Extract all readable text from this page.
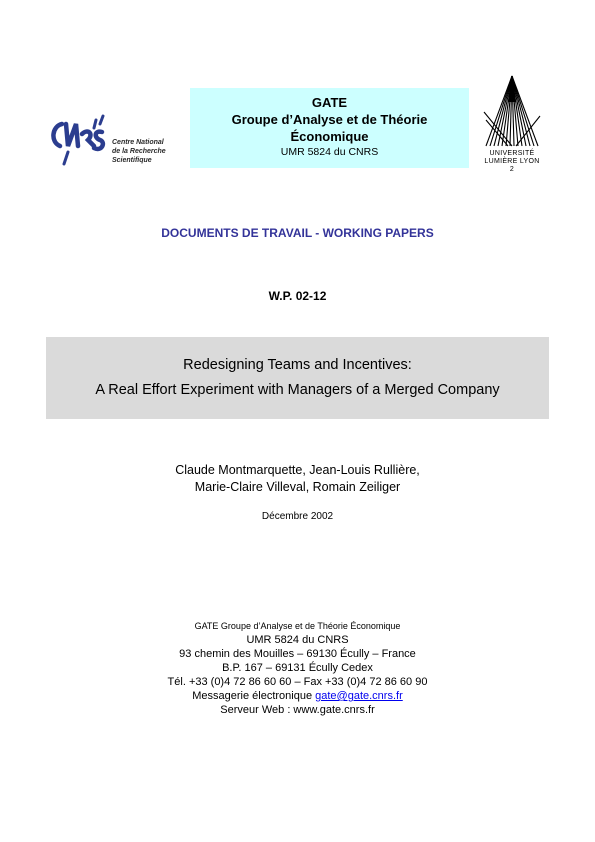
Centre National
de la Recherche
Scientifique
GATE
Groupe d’Analyse et de Théorie
Économique
UMR 5824 du CNRS	UNIVERSITÉ
LUMIÈRE LYON 2
DOCUMENTS DE TRAVAIL - WORKING PAPERS
W.P. 02-12
Redesigning Teams and Incentives:
A Real Effort Experiment with Managers of a Merged Company
Claude Montmarquette, Jean-Louis Rullière,
Marie-Claire Villeval, Romain Zeiliger
Décembre 2002
GATE Groupe d’Analyse et de Théorie Économique
UMR 5824 du CNRS
93 chemin des Mouilles – 69130 Écully – France
B.P. 167 – 69131 Écully Cedex
Tél. +33 (0)4 72 86 60 60 – Fax +33 (0)4 72 86 60 90
Messagerie électronique gate@gate.cnrs.fr
Serveur Web : www.gate.cnrs.fr
